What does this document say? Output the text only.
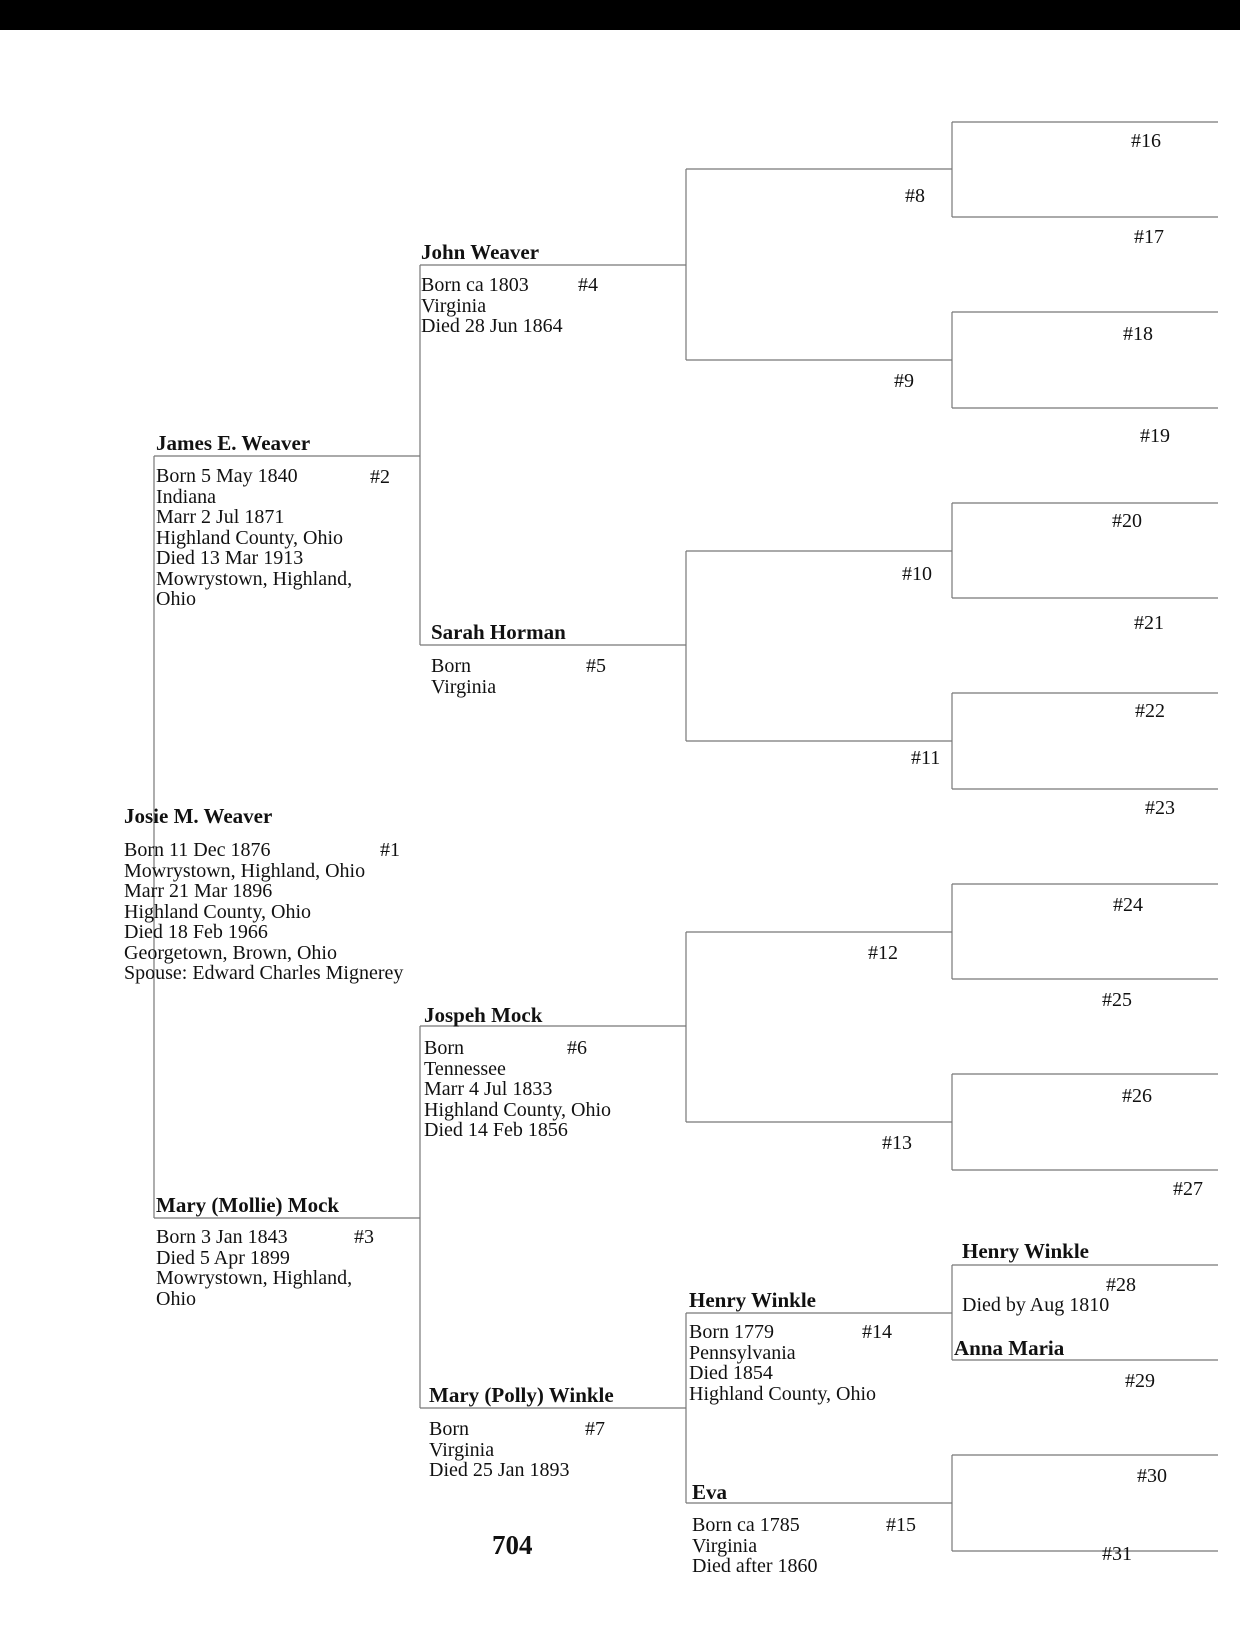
Josie M. Weaver
#1
Born 11 Dec 1876
Mowrystown, Highland, Ohio
Marr 21 Mar 1896
Highland County, Ohio
Died 18 Feb 1966
Georgetown, Brown, Ohio
Spouse: Edward Charles Mignerey
James E. Weaver
#2
Born 5 May 1840
Indiana
Marr 2 Jul 1871
Highland County, Ohio
Died 13 Mar 1913
Mowrystown, Highland,
Ohio
Mary (Mollie) Mock
#3
Born 3 Jan 1843
Died 5 Apr 1899
Mowrystown, Highland,
Ohio
John Weaver
#4
Born ca 1803
Virginia
Died 28 Jun 1864
Sarah Horman
#5
Born
Virginia
Jospeh Mock
#6
Born
Tennessee
Marr 4 Jul 1833
Highland County, Ohio
Died 14 Feb 1856
Mary (Polly) Winkle
#7
Born
Virginia
Died 25 Jan 1893
Henry Winkle
#14
Born 1779
Pennsylvania
Died 1854
Highland County, Ohio
Eva
#15
Born ca 1785
Virginia
Died after 1860
Henry Winkle
#28
Died by Aug 1810
Anna Maria
#29
#8
#9
#10
#11
#12
#13
#16
#17
#18
#19
#20
#21
#22
#23
#24
#25
#26
#27
#30
#31
704
